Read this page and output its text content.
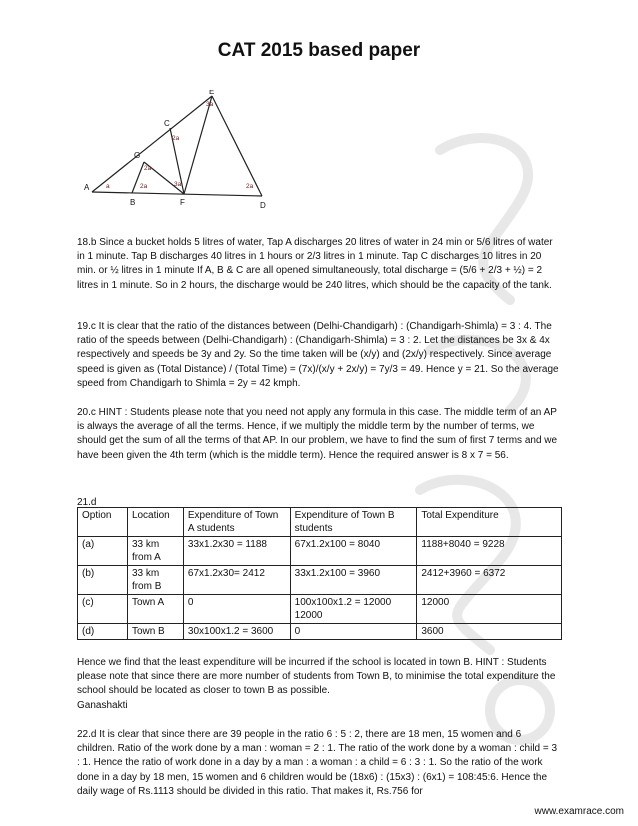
CAT 2015 based paper
A
B
C
D
E
F
G
a	2a
2a
3a
3a
2a
2a

18.b Since a bucket holds 5 litres of water, Tap A discharges 20 litres of water in 24 min or 5/6 litres of water in 1 minute. Tap B discharges 40 litres in 1 hours or 2/3 litres in 1 minute. Tap C discharges 10 litres in 20 min. or ½ litres in 1 minute If A, B & C are all opened simultaneously, total discharge = (5/6 + 2/3 + ½) = 2 litres in 1 minute. So in 2 hours, the discharge would be 240 litres, which should be the capacity of the tank.

19.c It is clear that the ratio of the distances between (Delhi-Chandigarh) : (Chandigarh-Shimla) = 3 : 4. The ratio of the speeds between (Delhi-Chandigarh) : (Chandigarh-Shimla) = 3 : 2. Let the distances be 3x & 4x respectively and speeds be 3y and 2y. So the time taken will be (x/y) and (2x/y) respectively. Since average speed is given as (Total Distance) / (Total Time) = (7x)/(x/y + 2x/y) = 7y/3 = 49. Hence y = 21. So the average speed from Chandigarh to Shimla = 2y = 42 kmph.

20.c HINT : Students please note that you need not apply any formula in this case. The middle term of an AP is always the average of all the terms. Hence, if we multiply the middle term by the number of terms, we should get the sum of all the terms of that AP. In our problem, we have to find the sum of first 7 terms and we have been given the 4th term (which is the middle term). Hence the required answer is 8 x 7 = 56.

21.d
Option	Location	Expenditure of Town A students	Expenditure of Town B students	Total Expenditure
(a)	33 km from A	33x1.2x30 = 1188	67x1.2x100 = 8040	1188+8040 = 9228
(b)	33 km from B	67x1.2x30= 2412	33x1.2x100 = 3960	2412+3960 = 6372
(c)	Town A	0	100x100x1.2 = 12000 12000	12000
(d)	Town B	30x100x1.2 = 3600	0	3600

Hence we find that the least expenditure will be incurred if the school is located in town B. HINT : Students please note that since there are more number of students from Town B, to minimise the total expenditure the school should be located as closer to town B as possible.

Ganashakti

22.d It is clear that since there are 39 people in the ratio 6 : 5 : 2, there are 18 men, 15 women and 6 children. Ratio of the work done by a man : woman = 2 : 1. The ratio of the work done by a woman : child = 3 : 1. Hence the ratio of work done in a day by a man : a woman : a child = 6 : 3 : 1. So the ratio of the work done in a day by 18 men, 15 women and 6 children would be (18x6) : (15x3) : (6x1) = 108:45:6. Hence the daily wage of Rs.1113 should be divided in this ratio. That makes it, Rs.756 for

www.examrace.com
